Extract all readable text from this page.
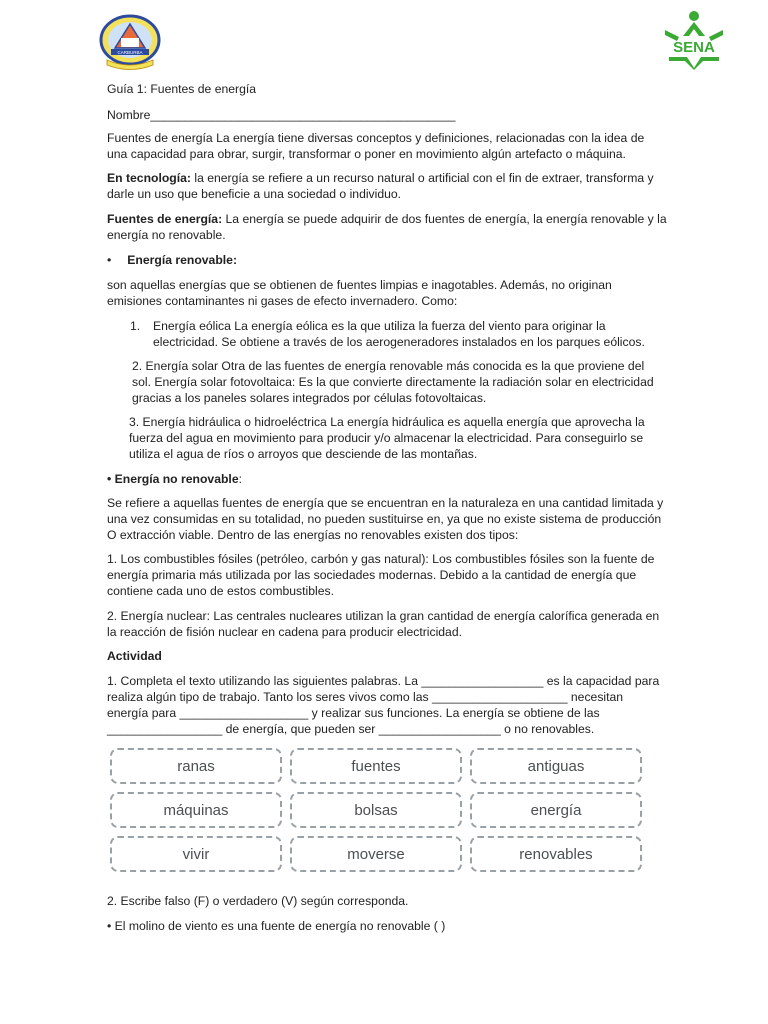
CARBURBA	SENA

Guía 1: Fuentes de energía

Nombre_____________________________________________

Fuentes de energía La energía tiene diversas conceptos y definiciones, relacionadas con la idea de una capacidad para obrar, surgir, transformar o poner en movimiento algún artefacto o máquina.

En tecnología: la energía se refiere a un recurso natural o artificial con el fin de extraer, transforma y darle un uso que beneficie a una sociedad o individuo.

Fuentes de energía: La energía se puede adquirir de dos fuentes de energía, la energía renovable y la energía no renovable.

• Energía renovable:

son aquellas energías que se obtienen de fuentes limpias e inagotables. Además, no originan emisiones contaminantes ni gases de efecto invernadero. Como:

1.	Energía eólica La energía eólica es la que utiliza la fuerza del viento para originar la electricidad. Se obtiene a través de los aerogeneradores instalados en los parques eólicos.

2. Energía solar Otra de las fuentes de energía renovable más conocida es la que proviene del sol. Energía solar fotovoltaica: Es la que convierte directamente la radiación solar en electricidad gracias a los paneles solares integrados por células fotovoltaicas.

3. Energía hidráulica o hidroeléctrica La energía hidráulica es aquella energía que aprovecha la fuerza del agua en movimiento para producir y/o almacenar la electricidad. Para conseguirlo se utiliza el agua de ríos o arroyos que desciende de las montañas.

• Energía no renovable:

Se refiere a aquellas fuentes de energía que se encuentran en la naturaleza en una cantidad limitada y una vez consumidas en su totalidad, no pueden sustituirse en, ya que no existe sistema de producción O extracción viable. Dentro de las energías no renovables existen dos tipos:

1. Los combustibles fósiles (petróleo, carbón y gas natural): Los combustibles fósiles son la fuente de energía primaria más utilizada por las sociedades modernas. Debido a la cantidad de energía que contiene cada uno de estos combustibles.

2. Energía nuclear: Las centrales nucleares utilizan la gran cantidad de energía calorífica generada en la reacción de fisión nuclear en cadena para producir electricidad.

Actividad

1. Completa el texto utilizando las siguientes palabras. La __________________ es la capacidad para realiza algún tipo de trabajo. Tanto los seres vivos como las ____________________ necesitan energía para ___________________ y realizar sus funciones. La energía se obtiene de las _________________ de energía, que pueden ser __________________ o no renovables.

ranas	fuentes	antiguas
máquinas	bolsas	energía
vivir	moverse	renovables

2. Escribe falso (F) o verdadero (V) según corresponda.

• El molino de viento es una fuente de energía no renovable ( )
